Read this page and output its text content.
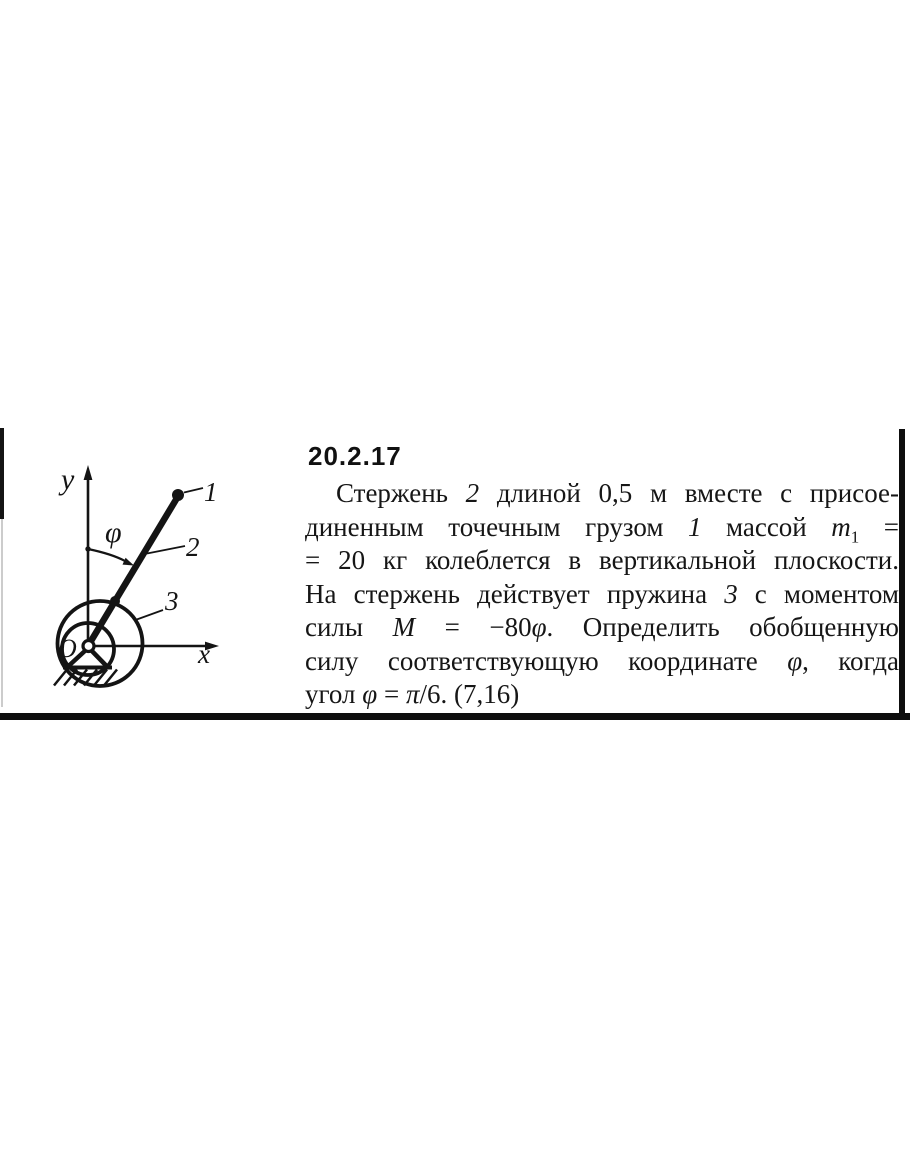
20.2.17
Стержень 2 длиной 0,5 м вместе с присое-
диненным точечным грузом 1 массой $m_1$ =
= 20 кг колеблется в вертикальной плоскости.
На стержень действует пружина 3 с моментом
силы M = −80φ. Определить обобщенную
силу соответствующую координате φ, когда
угол φ = π/6. (7,16)
y
x
φ
1
2
3
O
